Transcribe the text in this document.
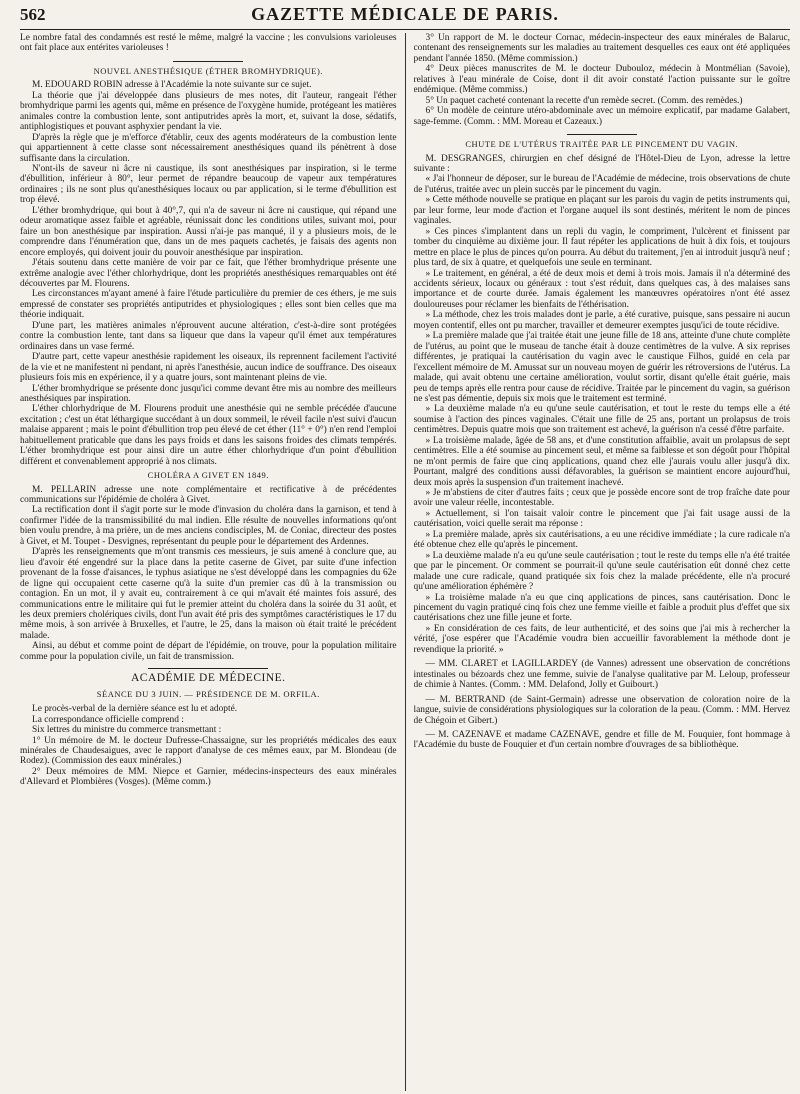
562	GAZETTE MÉDICALE DE PARIS.

Le nombre fatal des condamnés est resté le même, malgré la vaccine ; les convulsions varioleuses ont fait place aux entérites varioleuses !

NOUVEL ANESTHÉSIQUE (ÉTHER BROMHYDRIQUE).

M. EDOUARD ROBIN adresse à l'Académie la note suivante sur ce sujet.

La théorie que j'ai développée dans plusieurs de mes notes, dit l'auteur, rangeait l'éther bromhydrique parmi les agents qui, même en présence de l'oxygène humide, protégeant les matières animales contre la combustion lente, sont antiputrides après la mort, et, suivant la dose, sédatifs, antiphlogistiques et pouvant asphyxier pendant la vie.

D'après la règle que je m'efforce d'établir, ceux des agents modérateurs de la combustion lente qui appartiennent à cette classe sont nécessairement anesthésiques quand ils pénètrent à dose suffisante dans la circulation.

N'ont-ils de saveur ni âcre ni caustique, ils sont anesthésiques par inspiration, si le terme d'ébullition, inférieur à 80°, leur permet de répandre beaucoup de vapeur aux températures ordinaires ; ils ne sont plus qu'anesthésiques locaux ou par application, si le terme d'ébullition est trop élevé.

L'éther bromhydrique, qui bout à 40°,7, qui n'a de saveur ni âcre ni caustique, qui répand une odeur aromatique assez faible et agréable, réunissait donc les conditions utiles, suivant moi, pour faire un bon anesthésique par inspiration. Aussi n'ai-je pas manqué, il y a plusieurs mois, de le comprendre dans l'énumération que, dans un de mes paquets cachetés, je faisais des agents non encore employés, qui doivent jouir du pouvoir anesthésique par inspiration.

J'étais soutenu dans cette manière de voir par ce fait, que l'éther bromhydrique présente une extrême analogie avec l'éther chlorhydrique, dont les propriétés anesthésiques remarquables ont été découvertes par M. Flourens.

Les circonstances m'ayant amené à faire l'étude particulière du premier de ces éthers, je me suis empressé de constater ses propriétés antiputrides et physiologiques ; elles sont bien celles que ma théorie indiquait.

D'une part, les matières animales n'éprouvent aucune altération, c'est-à-dire sont protégées contre la combustion lente, tant dans sa liqueur que dans la vapeur qu'il émet aux températures ordinaires dans un vase fermé.

D'autre part, cette vapeur anesthésie rapidement les oiseaux, ils reprennent facilement l'activité de la vie et ne manifestent ni pendant, ni après l'anesthésie, aucun indice de souffrance. Des oiseaux plusieurs fois mis en expérience, il y a quatre jours, sont maintenant pleins de vie.

L'éther bromhydrique se présente donc jusqu'ici comme devant être mis au nombre des meilleurs anesthésiques par inspiration.

L'éther chlorhydrique de M. Flourens produit une anesthésie qui ne semble précédée d'aucune excitation ; c'est un état léthargique succédant à un doux sommeil, le réveil facile n'est suivi d'aucun malaise apparent ; mais le point d'ébullition trop peu élevé de cet éther (11° + 0°) n'en rend l'emploi habituellement praticable que dans les pays froids et dans les saisons froides des climats tempérés. L'éther bromhydrique est pour ainsi dire un autre éther chlorhydrique d'un point d'ébullition différent et convenablement approprié à nos climats.

CHOLÉRA A GIVET EN 1849.

M. PELLARIN adresse une note complémentaire et rectificative à de précédentes communications sur l'épidémie de choléra à Givet.

La rectification dont il s'agit porte sur le mode d'invasion du choléra dans la garnison, et tend à confirmer l'idée de la transmissibilité du mal indien. Elle résulte de nouvelles informations qu'ont bien voulu prendre, à ma prière, un de mes anciens condisciples, M. de Coniac, directeur des postes à Givet, et M. Toupet - Desvignes, représentant du peuple pour le département des Ardennes.

D'après les renseignements que m'ont transmis ces messieurs, je suis amené à conclure que, au lieu d'avoir été engendré sur la place dans la petite caserne de Givet, par suite d'une infection provenant de la fosse d'aisances, le typhus asiatique ne s'est développé dans les compagnies du 62e de ligne qui occupaient cette caserne qu'à la suite d'un premier cas dû à la transmission ou contagion. En un mot, il y avait eu, contrairement à ce qui m'avait été maintes fois assuré, des communications entre le militaire qui fut le premier atteint du choléra dans la soirée du 31 août, et les deux premiers cholériques civils, dont l'un avait été pris des symptômes caractéristiques le 17 du même mois, à son arrivée à Bruxelles, et l'autre, le 25, dans la maison où était traité le précédent malade.

Ainsi, au début et comme point de départ de l'épidémie, on trouve, pour la population militaire comme pour la population civile, un fait de transmission.

ACADÉMIE DE MÉDECINE.
SÉANCE DU 3 JUIN. — PRÉSIDENCE DE M. ORFILA.

Le procès-verbal de la dernière séance est lu et adopté.

La correspondance officielle comprend :

Six lettres du ministre du commerce transmettant :

1° Un mémoire de M. le docteur Dufresse-Chassaigne, sur les propriétés médicales des eaux minérales de Chaudesaigues, avec le rapport d'analyse de ces mêmes eaux, par M. Blondeau (de Rodez). (Commission des eaux minérales.)

2° Deux mémoires de MM. Niepce et Garnier, médecins-inspecteurs des eaux minérales d'Allevard et Plombières (Vosges). (Même comm.)

3° Un rapport de M. le docteur Cornac, médecin-inspecteur des eaux minérales de Balaruc, contenant des renseignements sur les maladies au traitement desquelles ces eaux ont été appliquées pendant l'année 1850. (Même commission.)

4° Deux pièces manuscrites de M. le docteur Dubouloz, médecin à Montmélian (Savoie), relatives à l'eau minérale de Coise, dont il dit avoir constaté l'action puissante sur le goître endémique. (Même commiss.)

5° Un paquet cacheté contenant la recette d'un remède secret. (Comm. des remèdes.)

6° Un modèle de ceinture utéro-abdominale avec un mémoire explicatif, par madame Galabert, sage-femme. (Comm. : MM. Moreau et Cazeaux.)

CHUTE DE L'UTÉRUS TRAITÉE PAR LE PINCEMENT DU VAGIN.

M. DESGRANGES, chirurgien en chef désigné de l'Hôtel-Dieu de Lyon, adresse la lettre suivante :

« J'ai l'honneur de déposer, sur le bureau de l'Académie de médecine, trois observations de chute de l'utérus, traitée avec un plein succès par le pincement du vagin.

» Cette méthode nouvelle se pratique en plaçant sur les parois du vagin de petits instruments qui, par leur forme, leur mode d'action et l'organe auquel ils sont destinés, méritent le nom de pinces vaginales.

» Ces pinces s'implantent dans un repli du vagin, le compriment, l'ulcèrent et finissent par tomber du cinquième au dixième jour. Il faut répéter les applications de huit à dix fois, et toujours mettre en place le plus de pinces qu'on pourra. Au début du traitement, j'en ai introduit jusqu'à neuf ; plus tard, de six à quatre, et quelquefois une seule en terminant.

» Le traitement, en général, a été de deux mois et demi à trois mois. Jamais il n'a déterminé des accidents sérieux, locaux ou généraux : tout s'est réduit, dans quelques cas, à des malaises sans importance et de courte durée. Jamais également les manœuvres opératoires n'ont été assez douloureuses pour réclamer les bienfaits de l'éthérisation.

» La méthode, chez les trois malades dont je parle, a été curative, puisque, sans pessaire ni aucun moyen contentif, elles ont pu marcher, travailler et demeurer exemptes jusqu'ici de toute récidive.

» La première malade que j'ai traitée était une jeune fille de 18 ans, atteinte d'une chute complète de l'utérus, au point que le museau de tanche était à douze centimètres de la vulve. A six reprises différentes, je pratiquai la cautérisation du vagin avec le caustique Filhos, guidé en cela par l'excellent mémoire de M. Amussat sur un nouveau moyen de guérir les rétroversions de l'utérus. La malade, qui avait obtenu une certaine amélioration, voulut sortir, disant qu'elle était guérie, mais peu de temps après elle rentra pour cause de récidive. Traitée par le pincement du vagin, sa guérison ne s'est pas démentie, depuis six mois que le traitement est terminé.

» La deuxième malade n'a eu qu'une seule cautérisation, et tout le reste du temps elle a été soumise à l'action des pinces vaginales. C'était une fille de 25 ans, portant un prolapsus de trois centimètres. Depuis quatre mois que son traitement est achevé, la guérison n'a cessé d'être parfaite.

» La troisième malade, âgée de 58 ans, et d'une constitution affaiblie, avait un prolapsus de sept centimètres. Elle a été soumise au pincement seul, et même sa faiblesse et son dégoût pour l'hôpital ne m'ont permis de faire que cinq applications, quand chez elle j'aurais voulu aller jusqu'à dix. Pourtant, malgré des conditions aussi défavorables, la guérison se maintient encore aujourd'hui, deux mois après la suspension d'un traitement inachevé.

» Je m'abstiens de citer d'autres faits ; ceux que je possède encore sont de trop fraîche date pour avoir une valeur réelle, incontestable.

» Actuellement, si l'on taisait valoir contre le pincement que j'ai fait usage aussi de la cautérisation, voici quelle serait ma réponse :

» La première malade, après six cautérisations, a eu une récidive immédiate ; la cure radicale n'a été obtenue chez elle qu'après le pincement.

» La deuxième malade n'a eu qu'une seule cautérisation ; tout le reste du temps elle n'a été traitée que par le pincement. Or comment se pourrait-il qu'une seule cautérisation eût donné chez cette malade une cure radicale, quand pratiquée six fois chez la malade précédente, elle n'a procuré qu'une amélioration éphémère ?

» La troisième malade n'a eu que cinq applications de pinces, sans cautérisation. Donc le pincement du vagin pratiqué cinq fois chez une femme vieille et faible a produit plus d'effet que six cautérisations chez une fille jeune et forte.

» En considération de ces faits, de leur authenticité, et des soins que j'ai mis à rechercher la vérité, j'ose espérer que l'Académie voudra bien accueillir favorablement la méthode dont je revendique la priorité. »

— MM. CLARET et LAGILLARDEY (de Vannes) adressent une observation de concrétions intestinales ou bézoards chez une femme, suivie de l'analyse qualitative par M. Leloup, professeur de chimie à Nantes. (Comm. : MM. Delafond, Jolly et Guibourt.)

— M. BERTRAND (de Saint-Germain) adresse une observation de coloration noire de la langue, suivie de considérations physiologiques sur la coloration de la peau. (Comm. : MM. Hervez de Chégoin et Gibert.)

— M. CAZENAVE et madame CAZENAVE, gendre et fille de M. Fouquier, font hommage à l'Académie du buste de Fouquier et d'un certain nombre d'ouvrages de sa bibliothèque.
